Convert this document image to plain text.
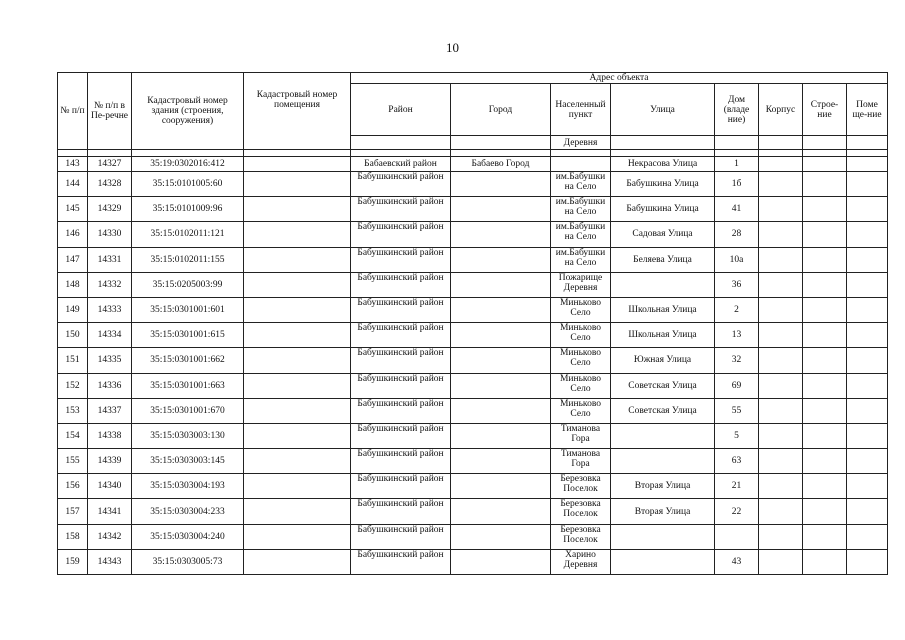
10
№ п/п	№ п/п в Пе-речне	Кадастровый номер здания (строения, сооружения)	Кадастровый номер помещения	Адрес объекта							
				Район	Город	Населенный пункт	Улица	Дом (владе ние)	Корпус	Строе-ние	Поме ще-ние
						Деревня					

143	14327	35:19:0302016:412		Бабаевский район	Бабаево Город		Некрасова Улица	1			
144	14328	35:15:0101005:60		Бабушкинский район		им.Бабушки на Село	Бабушкина Улица	1б			
145	14329	35:15:0101009:96		Бабушкинский район		им.Бабушки на Село	Бабушкина Улица	41			
146	14330	35:15:0102011:121		Бабушкинский район		им.Бабушки на Село	Садовая Улица	28			
147	14331	35:15:0102011:155		Бабушкинский район		им.Бабушки на Село	Беляева Улица	10а			
148	14332	35:15:0205003:99		Бабушкинский район		Пожарище Деревня		36			
149	14333	35:15:0301001:601		Бабушкинский район		Миньково Село	Школьная Улица	2			
150	14334	35:15:0301001:615		Бабушкинский район		Миньково Село	Школьная Улица	13			
151	14335	35:15:0301001:662		Бабушкинский район		Миньково Село	Южная Улица	32			
152	14336	35:15:0301001:663		Бабушкинский район		Миньково Село	Советская Улица	69			
153	14337	35:15:0301001:670		Бабушкинский район		Миньково Село	Советская Улица	55			
154	14338	35:15:0303003:130		Бабушкинский район		Тиманова Гора		5			
155	14339	35:15:0303003:145		Бабушкинский район		Тиманова Гора		63			
156	14340	35:15:0303004:193		Бабушкинский район		Березовка Поселок	Вторая Улица	21			
157	14341	35:15:0303004:233		Бабушкинский район		Березовка Поселок	Вторая Улица	22			
158	14342	35:15:0303004:240		Бабушкинский район		Березовка Поселок					
159	14343	35:15:0303005:73		Бабушкинский район		Харино Деревня		43			
